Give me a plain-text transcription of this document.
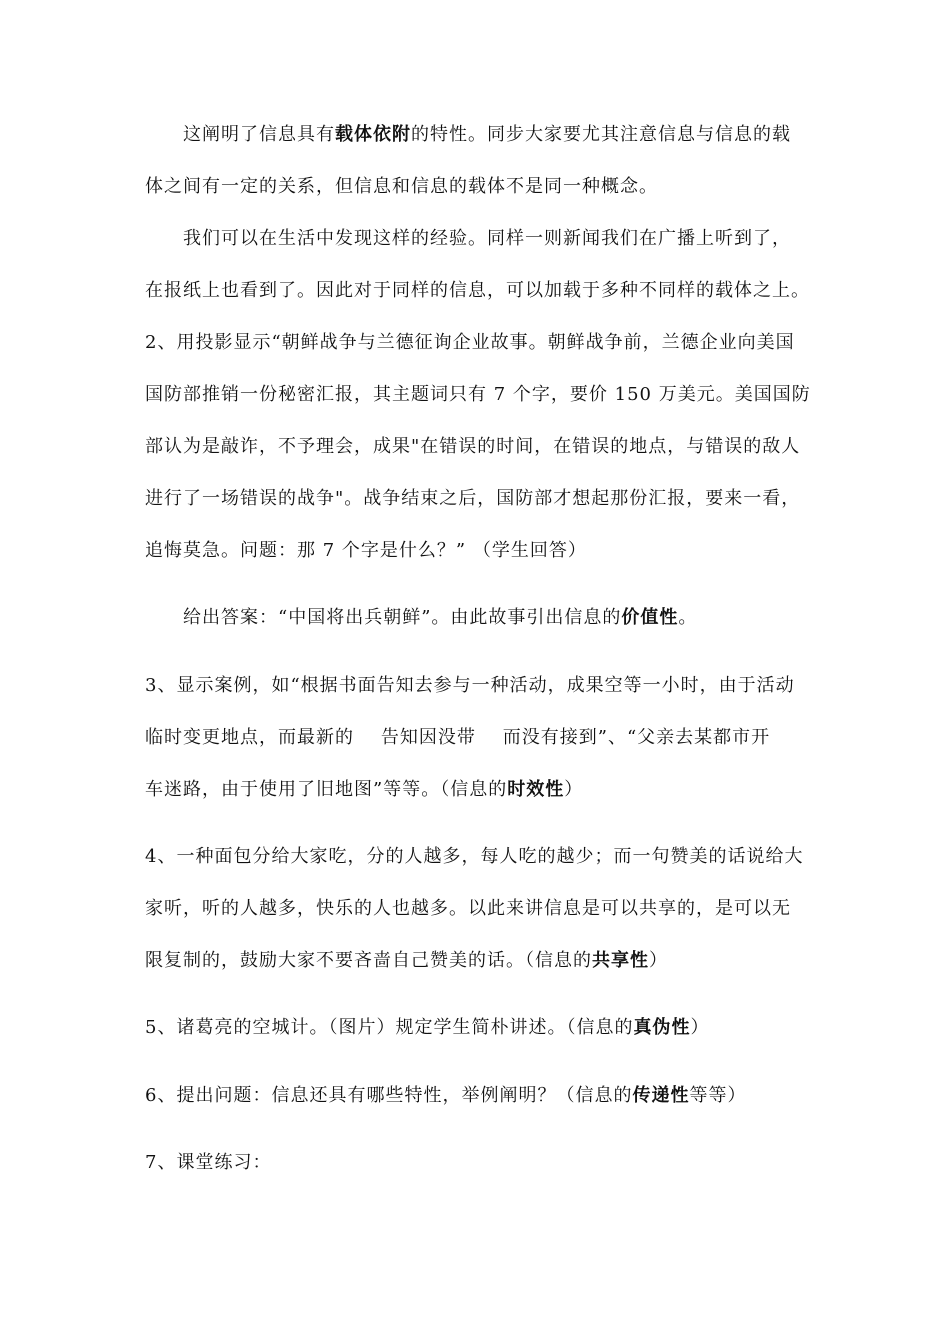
这阐明了信息具有载体依附的特性。同步大家要尤其注意信息与信息的载
体之间有一定的关系，但信息和信息的载体不是同一种概念。
我们可以在生活中发现这样的经验。同样一则新闻我们在广播上听到了，
在报纸上也看到了。因此对于同样的信息，可以加载于多种不同样的载体之上。
2、用投影显示“朝鲜战争与兰德征询企业故事。朝鲜战争前，兰德企业向美国
国防部推销一份秘密汇报，其主题词只有 7 个字，要价 150 万美元。美国国防
部认为是敲诈，不予理会，成果"在错误的时间，在错误的地点，与错误的敌人
进行了一场错误的战争"。战争结束之后，国防部才想起那份汇报，要来一看，
追悔莫急。问题：那 7 个字是什么？” （学生回答）
给出答案：“中国将出兵朝鲜”。由此故事引出信息的价值性。
3、显示案例，如“根据书面告知去参与一种活动，成果空等一小时，由于活动
临时变更地点，而最新的    告知因没带    而没有接到”、“父亲去某都市开
车迷路，由于使用了旧地图”等等。（信息的时效性）
4、一种面包分给大家吃，分的人越多，每人吃的越少；而一句赞美的话说给大
家听，听的人越多，快乐的人也越多。以此来讲信息是可以共享的，是可以无
限复制的，鼓励大家不要吝啬自己赞美的话。（信息的共享性）
5、诸葛亮的空城计。（图片）规定学生简朴讲述。（信息的真伪性）
6、提出问题：信息还具有哪些特性，举例阐明？（信息的传递性等等）
7、课堂练习：
